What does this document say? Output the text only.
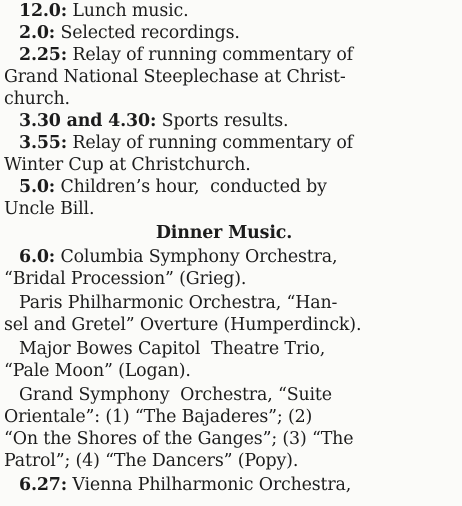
12.0: Lunch music.
2.0: Selected recordings.
2.25: Relay of running commentary of
Grand National Steeplechase at Christ-
church.
3.30 and 4.30: Sports results.
3.55: Relay of running commentary of
Winter Cup at Christchurch.
5.0: Children’s hour,  conducted by
Uncle Bill.
Dinner Music.
6.0: Columbia Symphony Orchestra,
“Bridal Procession” (Grieg).
Paris Philharmonic Orchestra, “Han-
sel and Gretel” Overture (Humperdinck).
Major Bowes Capitol  Theatre Trio,
“Pale Moon” (Logan).
Grand Symphony  Orchestra, “Suite
Orientale”: (1) “The Bajaderes”; (2)
“On the Shores of the Ganges”; (3) “The
Patrol”; (4) “The Dancers” (Popy).
6.27: Vienna Philharmonic Orchestra,
